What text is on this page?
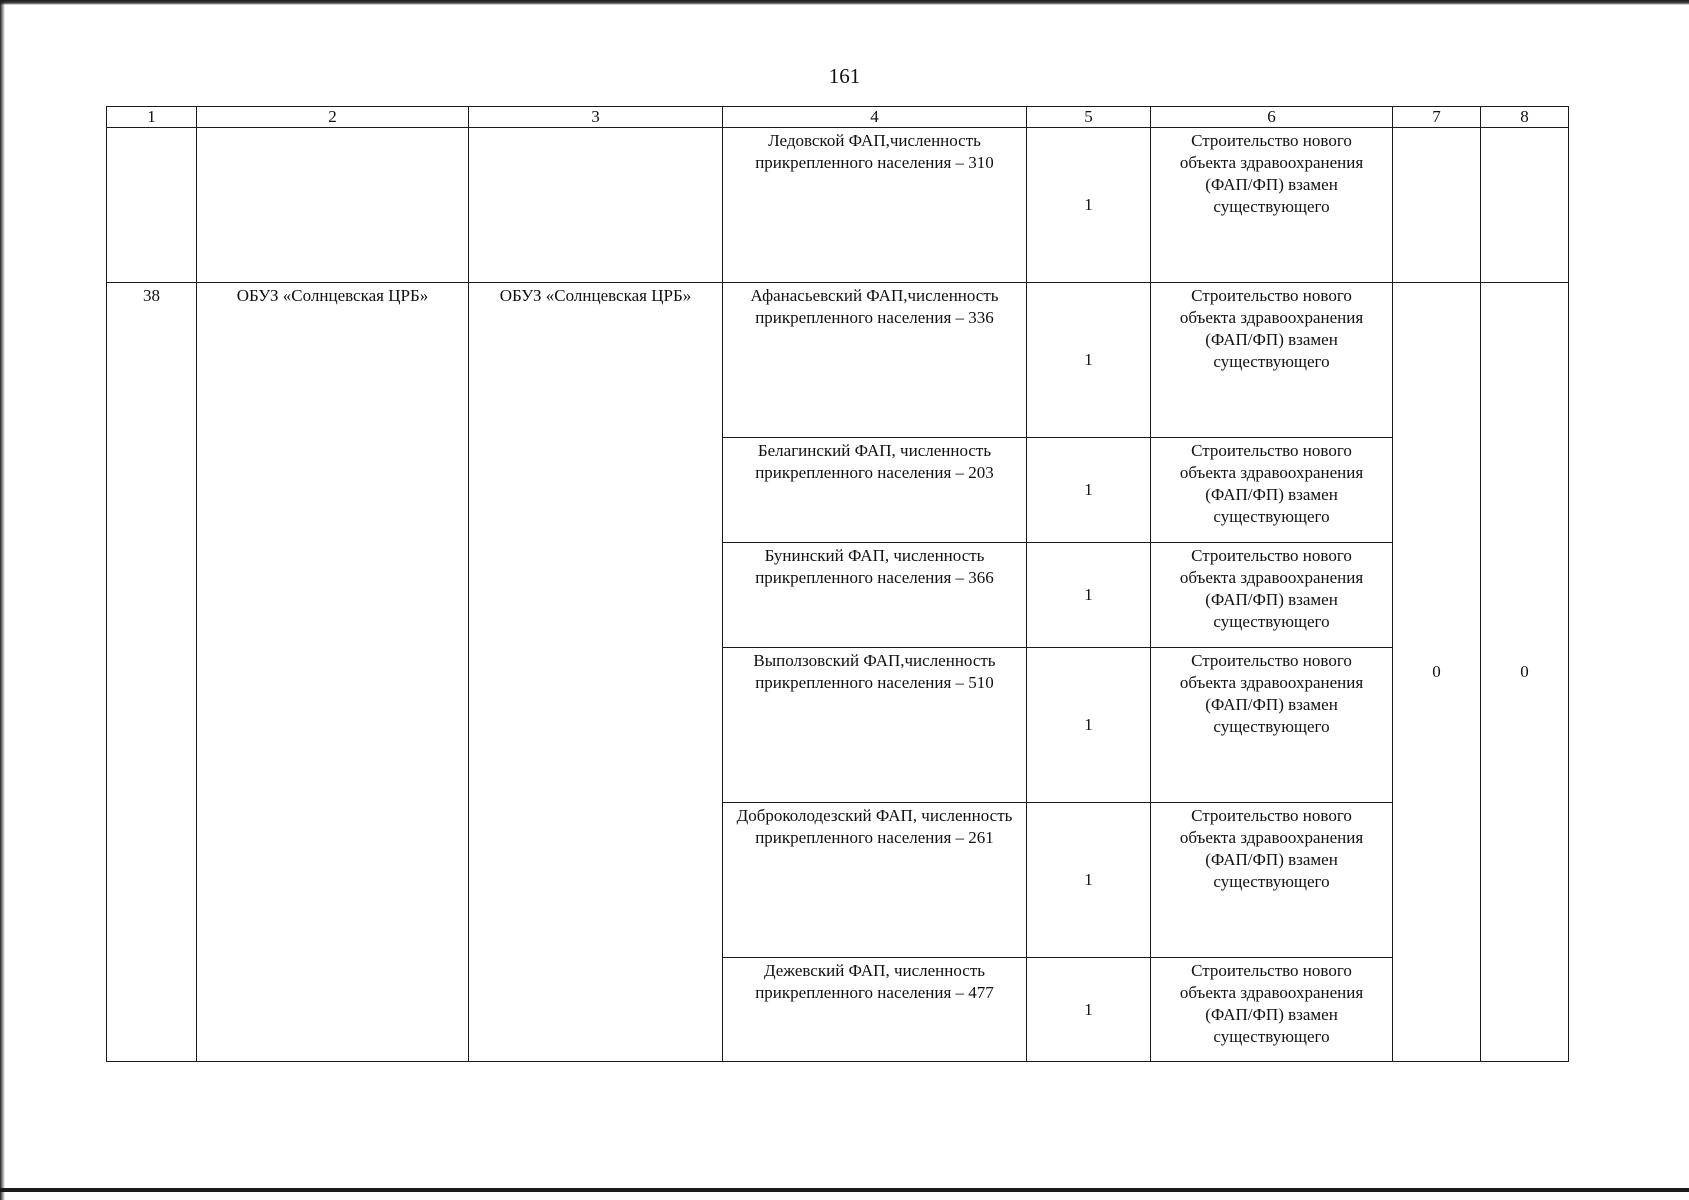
161
1	2	3	4	5	6	7	8
			Ледовской ФАП,численность прикрепленного населения – 310	1	Строительство нового объекта здравоохранения (ФАП/ФП) взамен существующего		
38	ОБУЗ «Солнцевская ЦРБ»	ОБУЗ «Солнцевская ЦРБ»	Афанасьевский ФАП,численность прикрепленного населения – 336	1	Строительство нового объекта здравоохранения (ФАП/ФП) взамен существующего	0	0
			Белагинский ФАП, численность прикрепленного населения – 203	1	Строительство нового объекта здравоохранения (ФАП/ФП) взамен существующего		
			Бунинский ФАП, численность прикрепленного населения – 366	1	Строительство нового объекта здравоохранения (ФАП/ФП) взамен существующего		
			Выползовский ФАП,численность прикрепленного населения – 510	1	Строительство нового объекта здравоохранения (ФАП/ФП) взамен существующего		
			Доброколодезский ФАП, численность прикрепленного населения – 261	1	Строительство нового объекта здравоохранения (ФАП/ФП) взамен существующего		
			Дежевский ФАП, численность прикрепленного населения – 477	1	Строительство нового объекта здравоохранения (ФАП/ФП) взамен существующего		
